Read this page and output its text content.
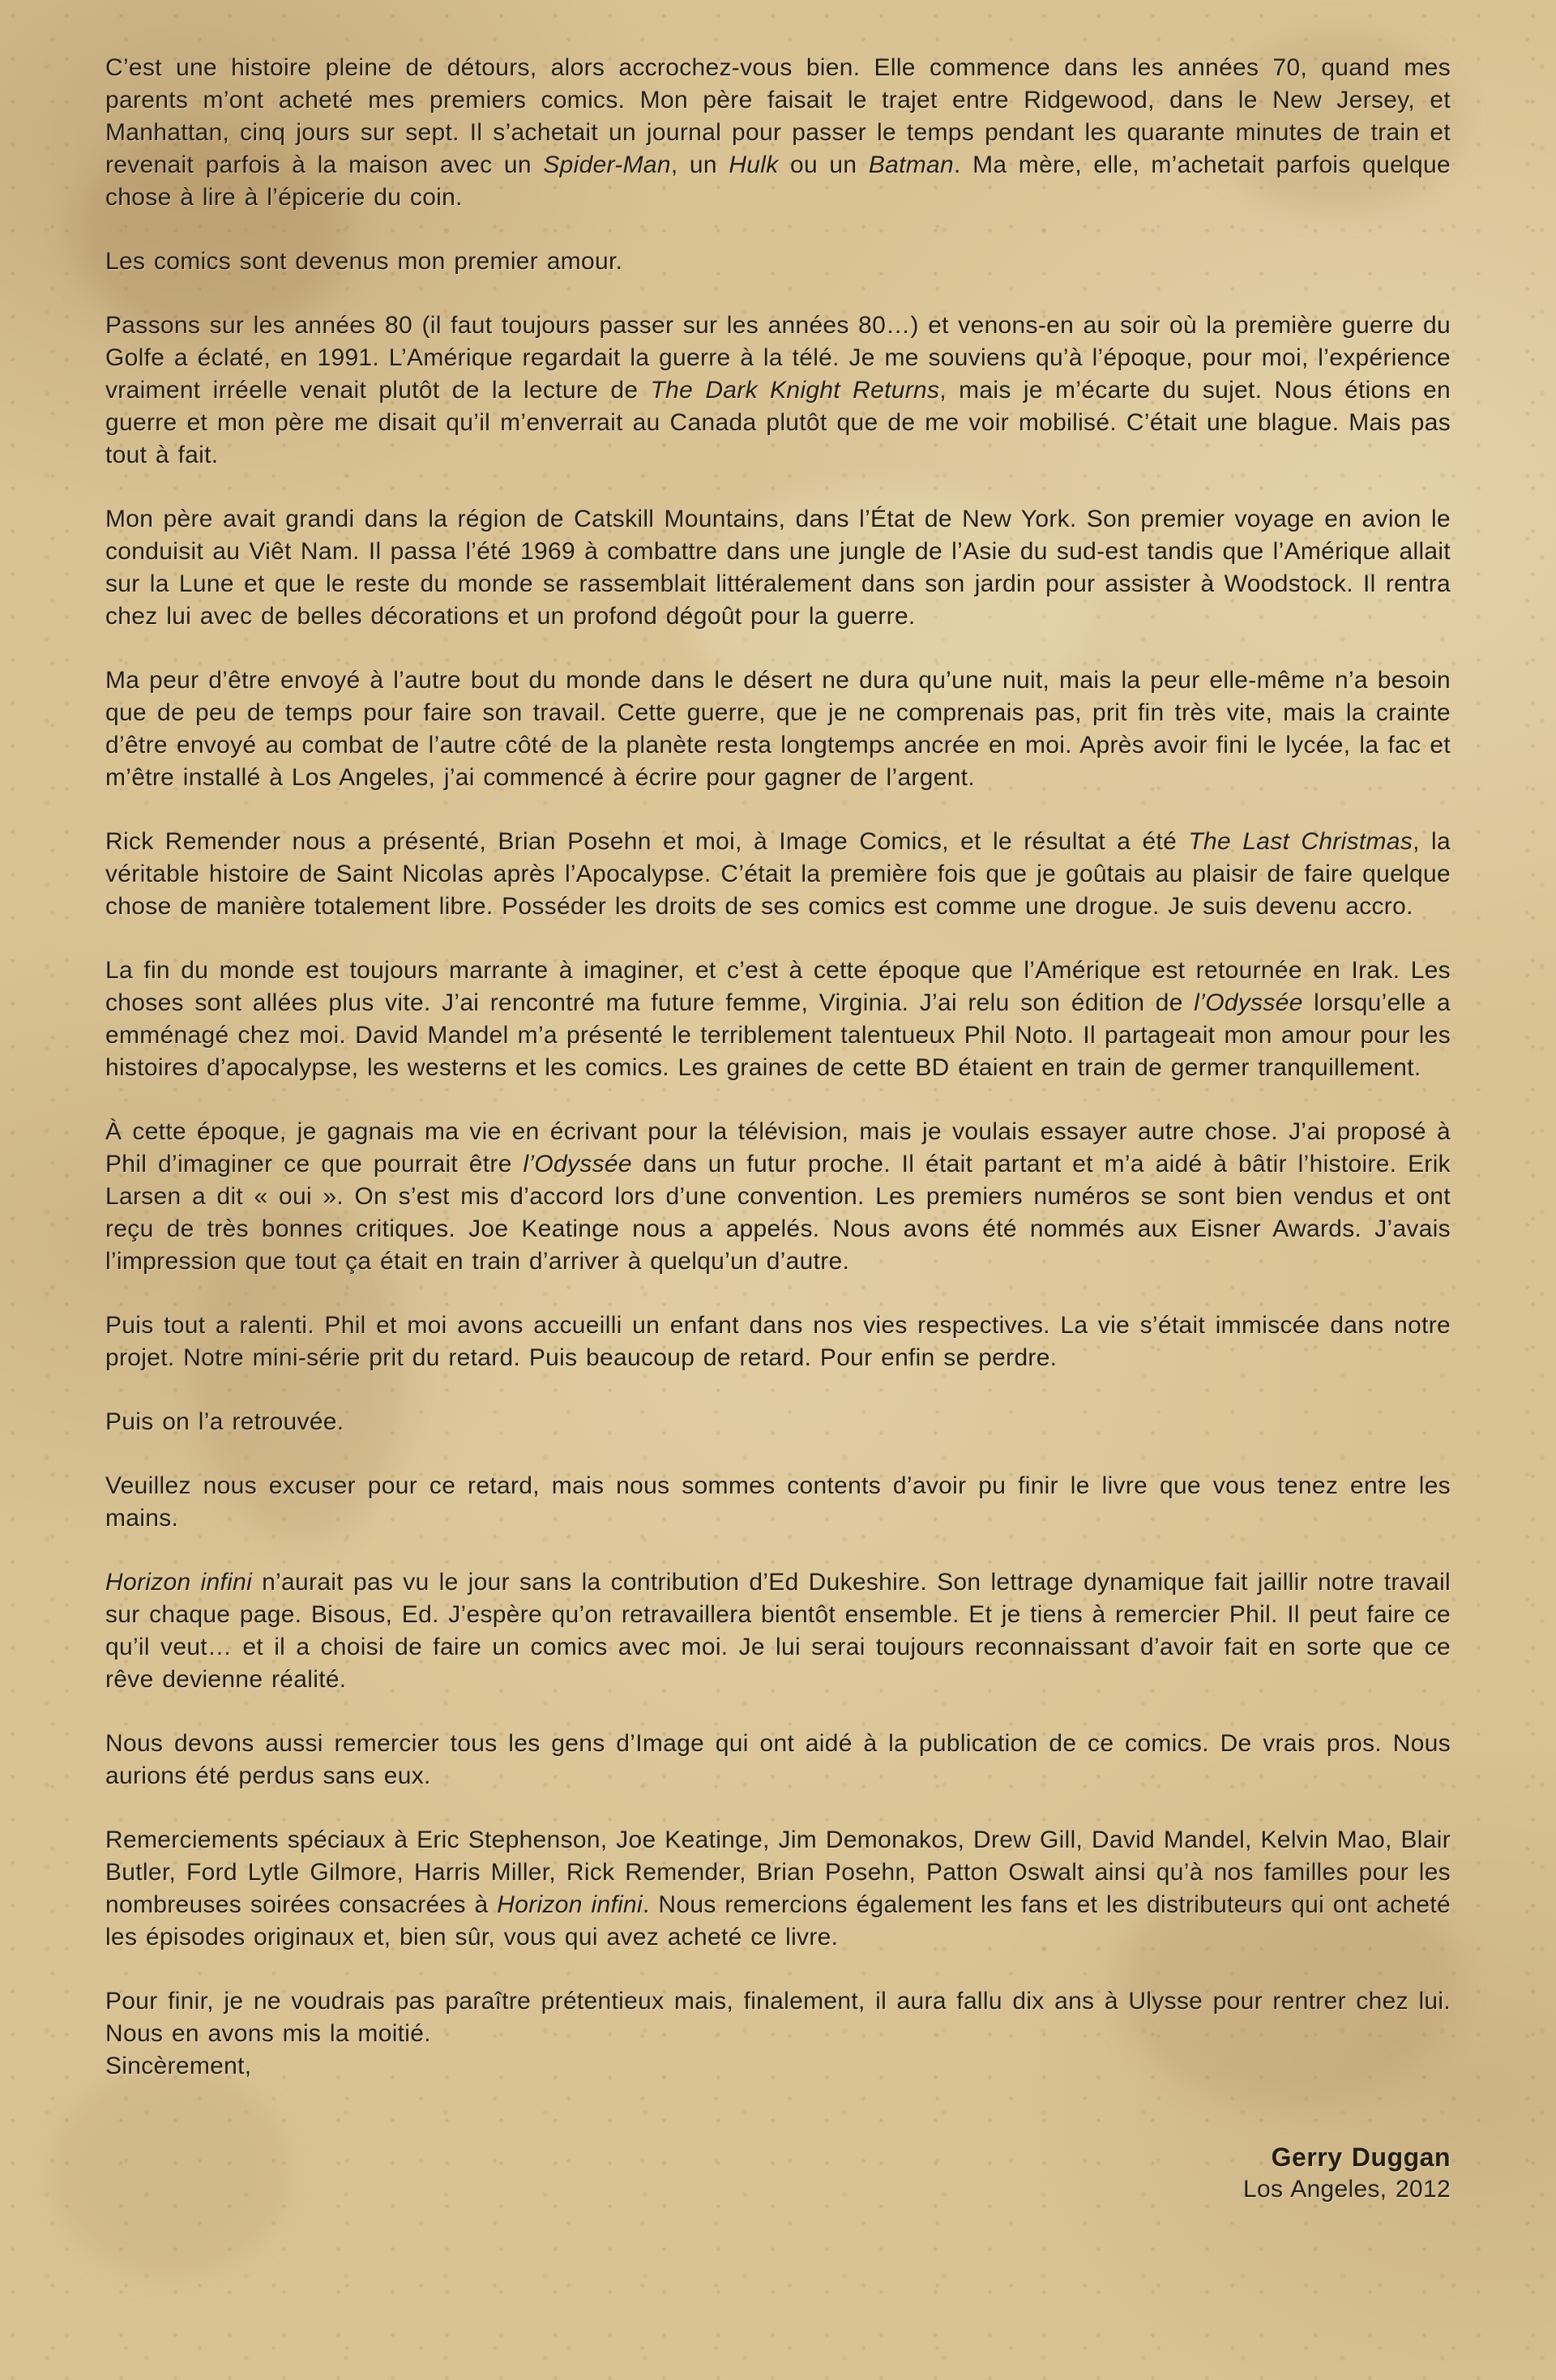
C’est une histoire pleine de détours, alors accrochez-vous bien. Elle commence dans les années 70, quand mes parents m’ont acheté mes premiers comics. Mon père faisait le trajet entre Ridgewood, dans le New Jersey, et Manhattan, cinq jours sur sept. Il s’achetait un journal pour passer le temps pendant les quarante minutes de train et revenait parfois à la maison avec un Spider-Man, un Hulk ou un Batman. Ma mère, elle, m’achetait parfois quelque chose à lire à l’épicerie du coin.

Les comics sont devenus mon premier amour.

Passons sur les années 80 (il faut toujours passer sur les années 80…) et venons-en au soir où la première guerre du Golfe a éclaté, en 1991. L’Amérique regardait la guerre à la télé. Je me souviens qu’à l’époque, pour moi, l’expérience vraiment irréelle venait plutôt de la lecture de The Dark Knight Returns, mais je m’écarte du sujet. Nous étions en guerre et mon père me disait qu’il m’enverrait au Canada plutôt que de me voir mobilisé. C’était une blague. Mais pas tout à fait.

Mon père avait grandi dans la région de Catskill Mountains, dans l’État de New York. Son premier voyage en avion le conduisit au Viêt Nam. Il passa l’été 1969 à combattre dans une jungle de l’Asie du sud-est tandis que l’Amérique allait sur la Lune et que le reste du monde se rassemblait littéralement dans son jardin pour assister à Woodstock. Il rentra chez lui avec de belles décorations et un profond dégoût pour la guerre.

Ma peur d’être envoyé à l’autre bout du monde dans le désert ne dura qu’une nuit, mais la peur elle-même n’a besoin que de peu de temps pour faire son travail. Cette guerre, que je ne comprenais pas, prit fin très vite, mais la crainte d’être envoyé au combat de l’autre côté de la planète resta longtemps ancrée en moi. Après avoir fini le lycée, la fac et m’être installé à Los Angeles, j’ai commencé à écrire pour gagner de l’argent.

Rick Remender nous a présenté, Brian Posehn et moi, à Image Comics, et le résultat a été The Last Christmas, la véritable histoire de Saint Nicolas après l’Apocalypse. C’était la première fois que je goûtais au plaisir de faire quelque chose de manière totalement libre. Posséder les droits de ses comics est comme une drogue. Je suis devenu accro.

La fin du monde est toujours marrante à imaginer, et c’est à cette époque que l’Amérique est retournée en Irak. Les choses sont allées plus vite. J’ai rencontré ma future femme, Virginia. J’ai relu son édition de l’Odyssée lorsqu’elle a emménagé chez moi. David Mandel m’a présenté le terriblement talentueux Phil Noto. Il partageait mon amour pour les histoires d’apocalypse, les westerns et les comics. Les graines de cette BD étaient en train de germer tranquillement.

À cette époque, je gagnais ma vie en écrivant pour la télévision, mais je voulais essayer autre chose. J’ai proposé à Phil d’imaginer ce que pourrait être l’Odyssée dans un futur proche. Il était partant et m’a aidé à bâtir l’histoire. Erik Larsen a dit « oui ». On s’est mis d’accord lors d’une convention. Les premiers numéros se sont bien vendus et ont reçu de très bonnes critiques. Joe Keatinge nous a appelés. Nous avons été nommés aux Eisner Awards. J’avais l’impression que tout ça était en train d’arriver à quelqu’un d’autre.

Puis tout a ralenti. Phil et moi avons accueilli un enfant dans nos vies respectives. La vie s’était immiscée dans notre projet. Notre mini-série prit du retard. Puis beaucoup de retard. Pour enfin se perdre.

Puis on l’a retrouvée.

Veuillez nous excuser pour ce retard, mais nous sommes contents d’avoir pu finir le livre que vous tenez entre les mains.

Horizon infini n’aurait pas vu le jour sans la contribution d’Ed Dukeshire. Son lettrage dynamique fait jaillir notre travail sur chaque page. Bisous, Ed. J’espère qu’on retravaillera bientôt ensemble. Et je tiens à remercier Phil. Il peut faire ce qu’il veut… et il a choisi de faire un comics avec moi. Je lui serai toujours reconnaissant d’avoir fait en sorte que ce rêve devienne réalité.

Nous devons aussi remercier tous les gens d’Image qui ont aidé à la publication de ce comics. De vrais pros. Nous aurions été perdus sans eux.

Remerciements spéciaux à Eric Stephenson, Joe Keatinge, Jim Demonakos, Drew Gill, David Mandel, Kelvin Mao, Blair Butler, Ford Lytle Gilmore, Harris Miller, Rick Remender, Brian Posehn, Patton Oswalt ainsi qu’à nos familles pour les nombreuses soirées consacrées à Horizon infini. Nous remercions également les fans et les distributeurs qui ont acheté les épisodes originaux et, bien sûr, vous qui avez acheté ce livre.

Pour finir, je ne voudrais pas paraître prétentieux mais, finalement, il aura fallu dix ans à Ulysse pour rentrer chez lui. Nous en avons mis la moitié.

Sincèrement,

Gerry Duggan
Los Angeles, 2012
